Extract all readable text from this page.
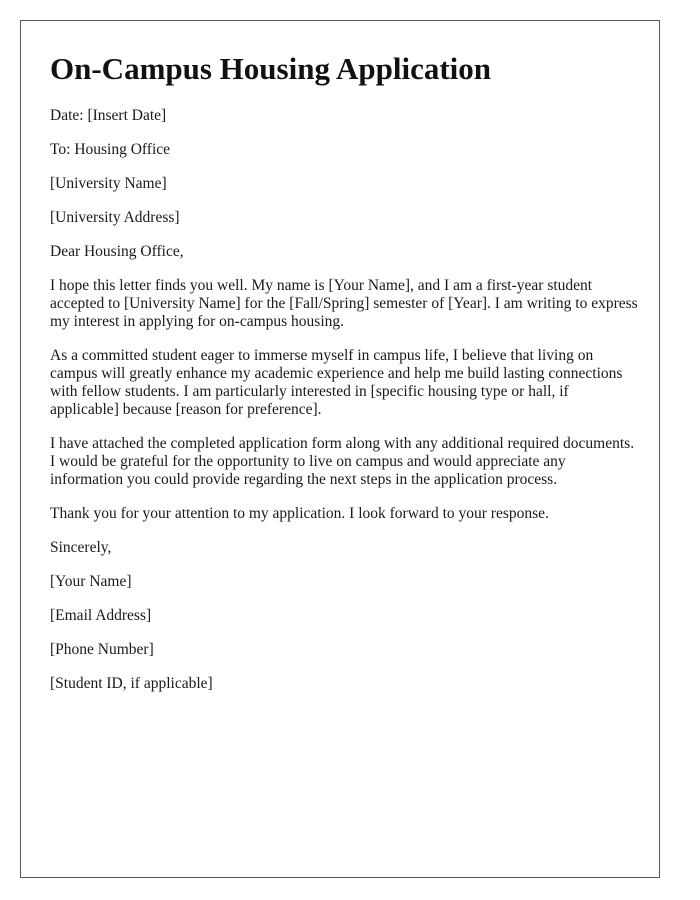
On-Campus Housing Application

Date: [Insert Date]

To: Housing Office

[University Name]

[University Address]

Dear Housing Office,

I hope this letter finds you well. My name is [Your Name], and I am a first-year student accepted to [University Name] for the [Fall/Spring] semester of [Year]. I am writing to express my interest in applying for on-campus housing.

As a committed student eager to immerse myself in campus life, I believe that living on campus will greatly enhance my academic experience and help me build lasting connections with fellow students. I am particularly interested in [specific housing type or hall, if applicable] because [reason for preference].

I have attached the completed application form along with any additional required documents. I would be grateful for the opportunity to live on campus and would appreciate any information you could provide regarding the next steps in the application process.

Thank you for your attention to my application. I look forward to your response.

Sincerely,

[Your Name]

[Email Address]

[Phone Number]

[Student ID, if applicable]
